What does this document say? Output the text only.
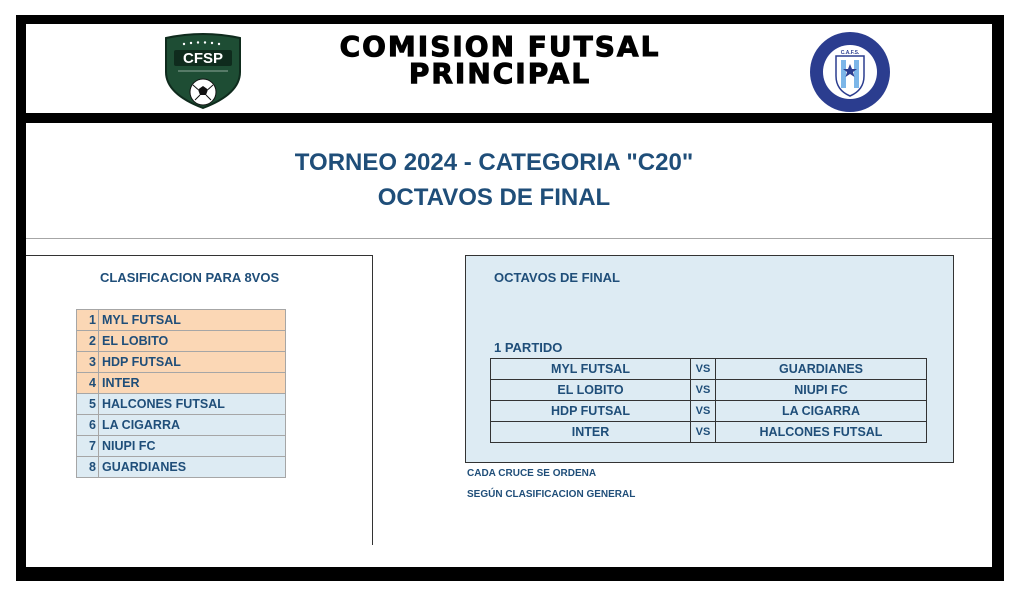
CFSP	COMISION FUTSAL
PRINCIPAL
C.A.F.S.
TORNEO 2024 - CATEGORIA "C20"
OCTAVOS DE FINAL
CLASIFICACION PARA 8VOS
1	MYL FUTSAL
2	EL LOBITO
3	HDP FUTSAL
4	INTER
5	HALCONES FUTSAL
6	LA CIGARRA
7	NIUPI FC
8	GUARDIANES
OCTAVOS DE FINAL
1 PARTIDO
MYL FUTSAL	VS	GUARDIANES
EL LOBITO	VS	NIUPI FC
HDP FUTSAL	VS	LA CIGARRA
INTER	VS	HALCONES FUTSAL
CADA CRUCE SE ORDENA
SEGÚN CLASIFICACION GENERAL
